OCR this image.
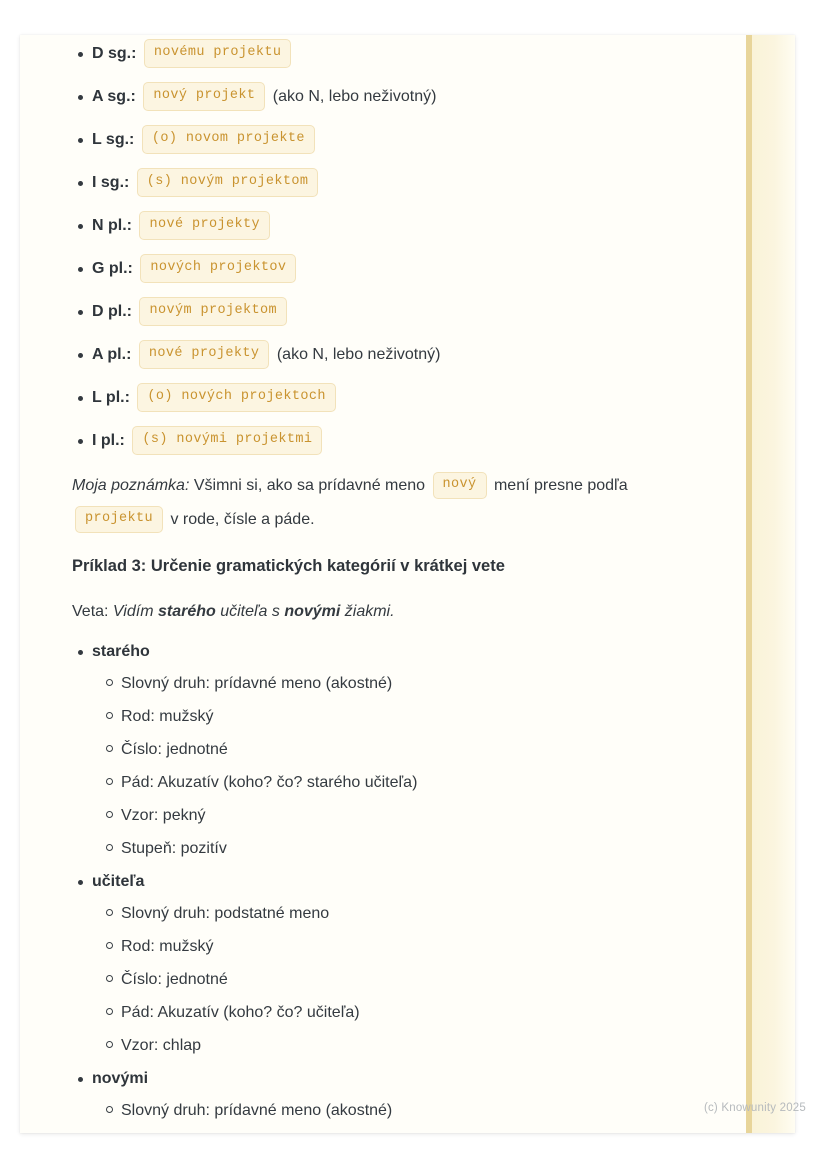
D sg.: novému projektu
A sg.: nový projekt (ako N, lebo neživotný)
L sg.: (o) novom projekte
I sg.: (s) novým projektom
N pl.: nové projekty
G pl.: nových projektov
D pl.: novým projektom
A pl.: nové projekty (ako N, lebo neživotný)
L pl.: (o) nových projektoch
I pl.: (s) novými projektmi

Moja poznámka: Všimni si, ako sa prídavné meno nový mení presne podľa projektu v rode, čísle a páde.

Príklad 3: Určenie gramatických kategórií v krátkej vete

Veta: Vidím starého učiteľa s novými žiakmi.

starého
Slovný druh: prídavné meno (akostné)
Rod: mužský
Číslo: jednotné
Pád: Akuzatív (koho? čo? starého učiteľa)
Vzor: pekný
Stupeň: pozitív
učiteľa
Slovný druh: podstatné meno
Rod: mužský
Číslo: jednotné
Pád: Akuzatív (koho? čo? učiteľa)
Vzor: chlap
novými
Slovný druh: prídavné meno (akostné)	(c) Knowunity 2025
